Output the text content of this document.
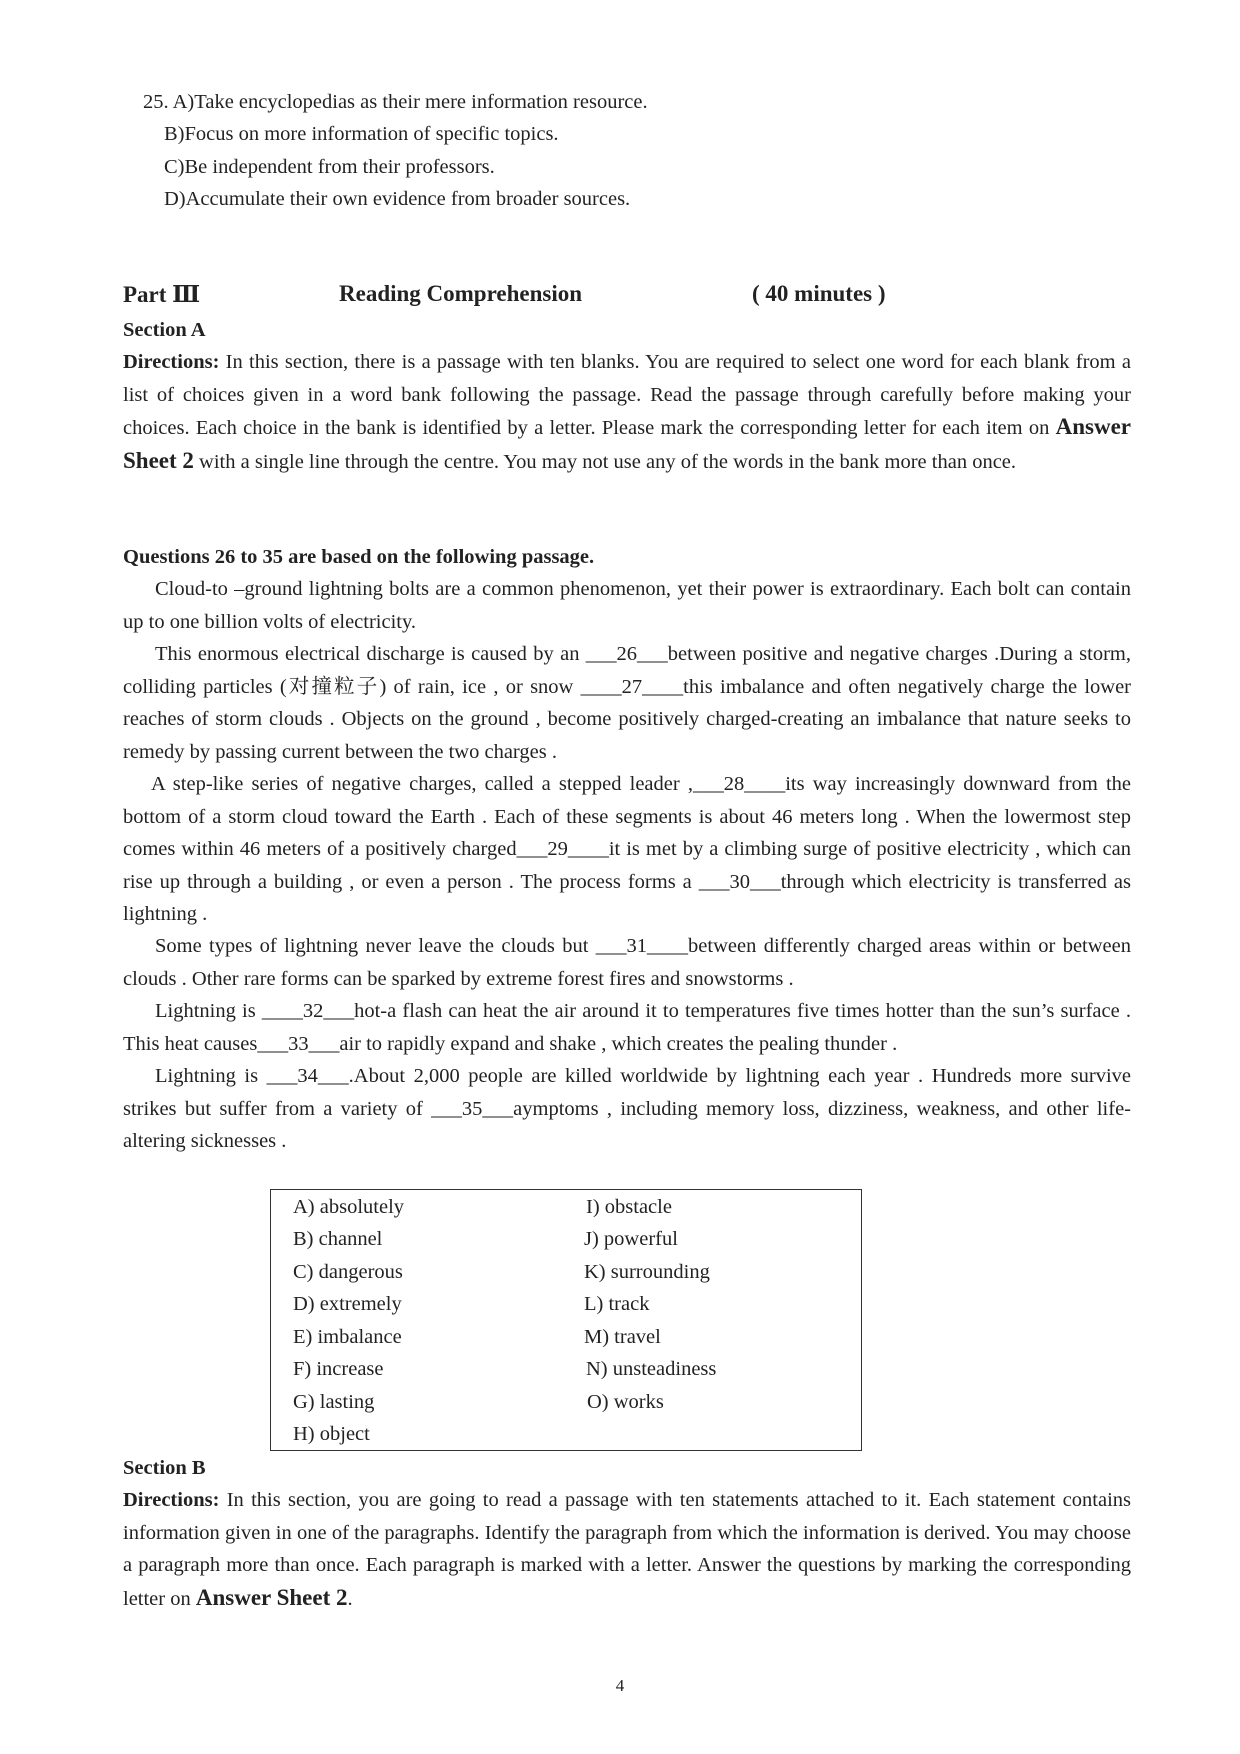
25. A)Take encyclopedias as their mere information resource.
B)Focus on more information of specific topics.
C)Be independent from their professors.
D)Accumulate their own evidence from broader sources.
Part Ⅲ	Reading Comprehension	( 40 minutes )
Section A
Directions: In this section, there is a passage with ten blanks. You are required to select one word for each blank from a list of choices given in a word bank following the passage. Read the passage through carefully before making your choices. Each choice in the bank is identified by a letter. Please mark the corresponding letter for each item on Answer Sheet 2 with a single line through the centre. You may not use any of the words in the bank more than once.
Questions 26 to 35 are based on the following passage.
Cloud-to –ground lightning bolts are a common phenomenon, yet their power is extraordinary. Each bolt can contain up to one billion volts of electricity.
This enormous electrical discharge is caused by an ___26___between positive and negative charges .During a storm, colliding particles (对撞粒子) of rain, ice , or snow ____27____this imbalance and often negatively charge the lower reaches of storm clouds . Objects on the ground , become positively charged-creating an imbalance that nature seeks to remedy by passing current between the two charges .
A step-like series of negative charges, called a stepped leader ,___28____its way increasingly downward from the bottom of a storm cloud toward the Earth . Each of these segments is about 46 meters long . When the lowermost step comes within 46 meters of a positively charged___29____it is met by a climbing surge of positive electricity , which can rise up through a building , or even a person . The process forms a ___30___through which electricity is transferred as lightning .
Some types of lightning never leave the clouds but ___31____between differently charged areas within or between clouds . Other rare forms can be sparked by extreme forest fires and snowstorms .
Lightning is ____32___hot-a flash can heat the air around it to temperatures five times hotter than the sun’s surface . This heat causes___33___air to rapidly expand and shake , which creates the pealing thunder .
Lightning is ___34___.About 2,000 people are killed worldwide by lightning each year . Hundreds more survive strikes but suffer from a variety of ___35___aymptoms , including memory loss, dizziness, weakness, and other life-altering sicknesses .
A) absolutely
B) channel
C) dangerous
D) extremely
E) imbalance
F) increase
G) lasting
H) object
I) obstacle
J) powerful
K) surrounding
L) track
M) travel
N) unsteadiness
O) works
Section B
Directions: In this section, you are going to read a passage with ten statements attached to it. Each statement contains information given in one of the paragraphs. Identify the paragraph from which the information is derived. You may choose a paragraph more than once. Each paragraph is marked with a letter. Answer the questions by marking the corresponding letter on Answer Sheet 2.
4
